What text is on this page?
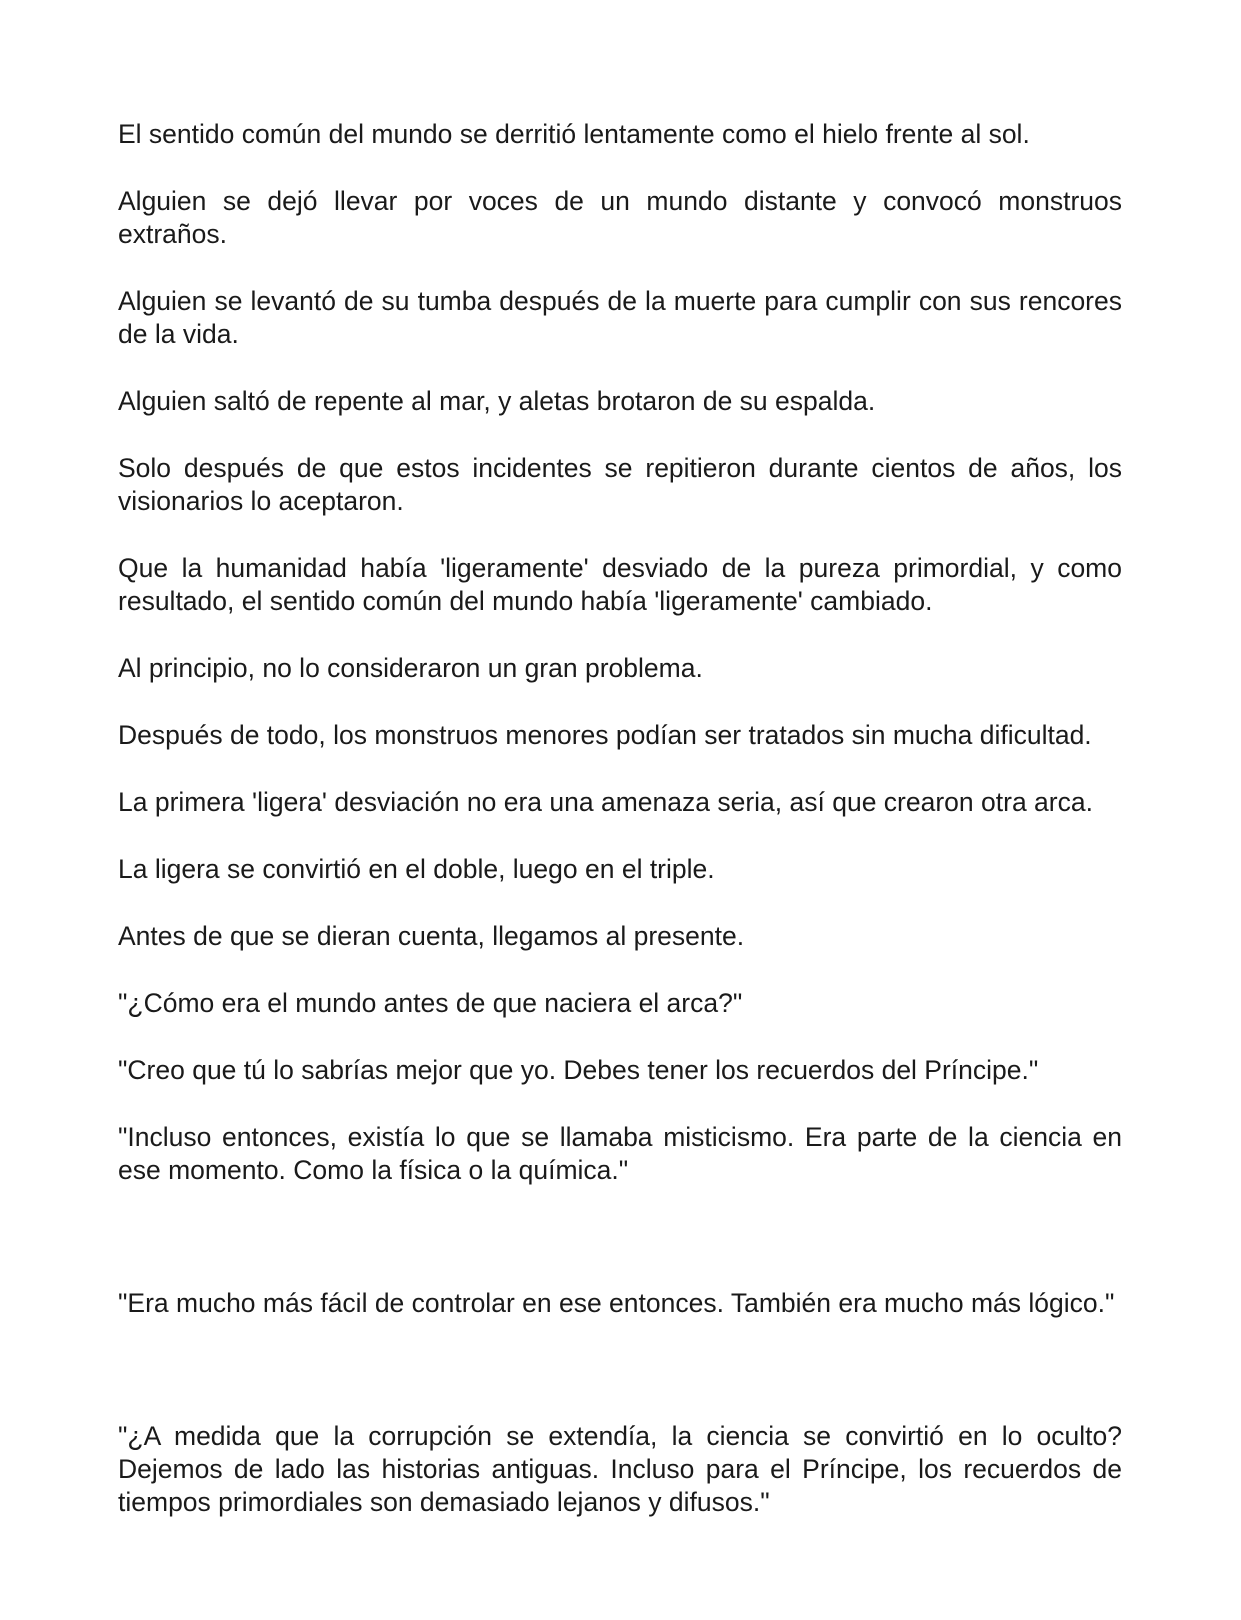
El sentido común del mundo se derritió lentamente como el hielo frente al sol.

Alguien se dejó llevar por voces de un mundo distante y convocó monstruos extraños.

Alguien se levantó de su tumba después de la muerte para cumplir con sus rencores de la vida.

Alguien saltó de repente al mar, y aletas brotaron de su espalda.

Solo después de que estos incidentes se repitieron durante cientos de años, los visionarios lo aceptaron.

Que la humanidad había 'ligeramente' desviado de la pureza primordial, y como resultado, el sentido común del mundo había 'ligeramente' cambiado.

Al principio, no lo consideraron un gran problema.

Después de todo, los monstruos menores podían ser tratados sin mucha dificultad.

La primera 'ligera' desviación no era una amenaza seria, así que crearon otra arca.

La ligera se convirtió en el doble, luego en el triple.

Antes de que se dieran cuenta, llegamos al presente.

"¿Cómo era el mundo antes de que naciera el arca?"

"Creo que tú lo sabrías mejor que yo. Debes tener los recuerdos del Príncipe."

"Incluso entonces, existía lo que se llamaba misticismo. Era parte de la ciencia en ese momento. Como la física o la química."

"Era mucho más fácil de controlar en ese entonces. También era mucho más lógico."

"¿A medida que la corrupción se extendía, la ciencia se convirtió en lo oculto? Dejemos de lado las historias antiguas. Incluso para el Príncipe, los recuerdos de tiempos primordiales son demasiado lejanos y difusos."
